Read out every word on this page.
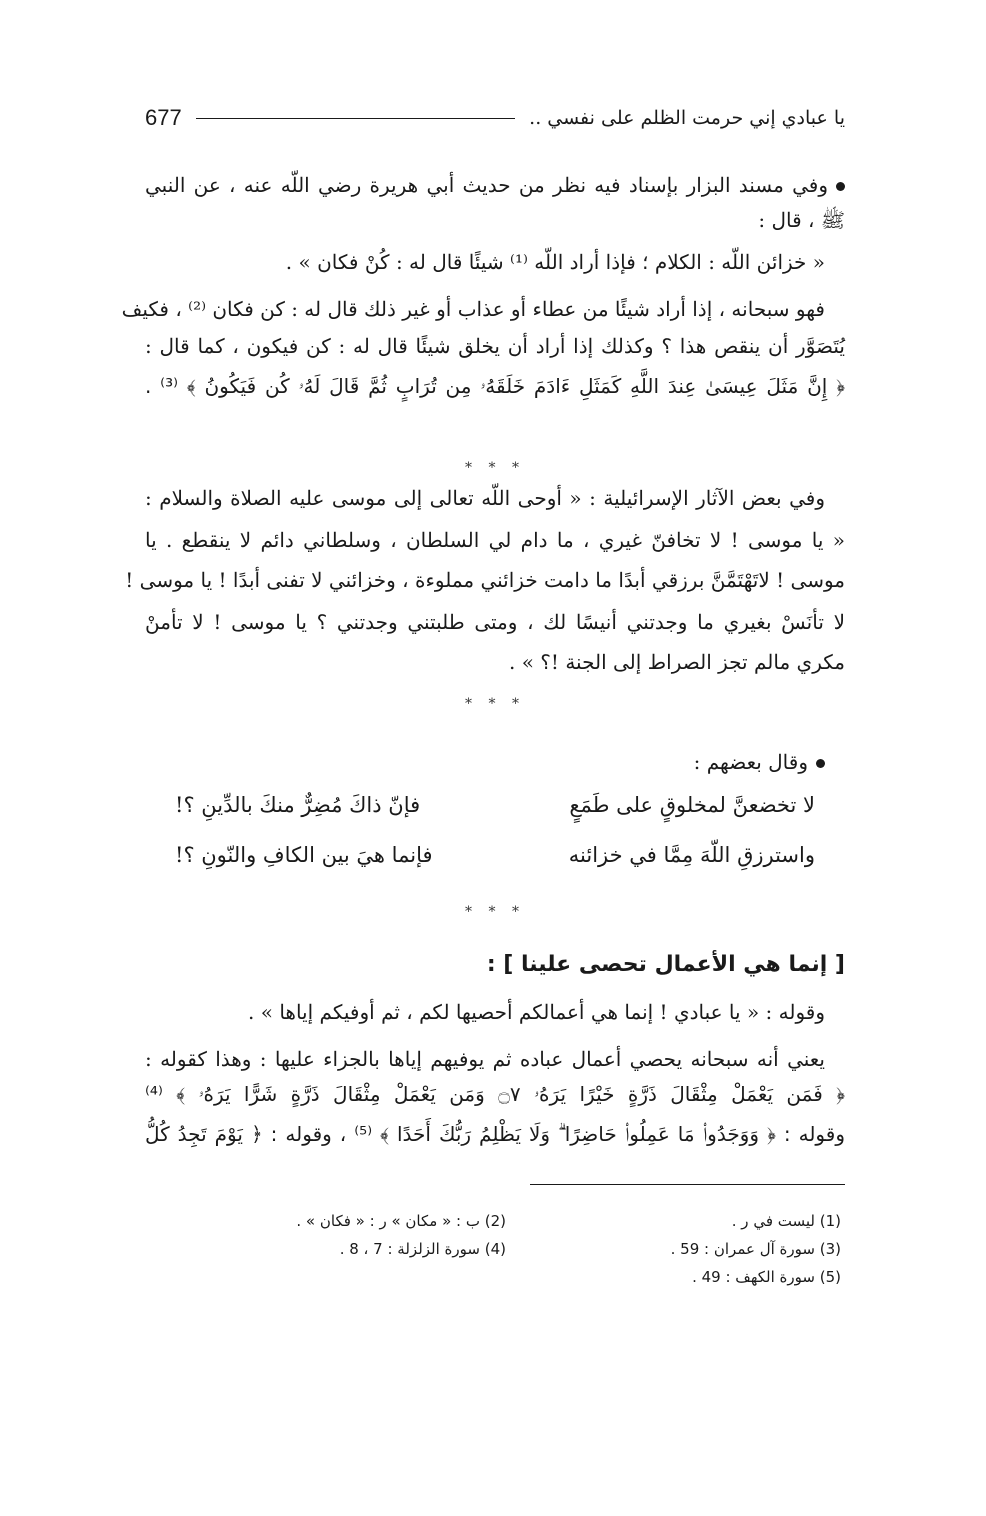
يا عبادي إني حرمت الظلم على نفسي ..
677
وفي مسند البزار بإسناد فيه نظر من حديث أبي هريرة رضي اللّه عنه ، عن النبي
ﷺ ، قال :
« خزائن اللّه : الكلام ؛ فإذا أراد اللّه ⁽¹⁾ شيئًا قال له : كُنْ فكان » .
فهو سبحانه ، إذا أراد شيئًا من عطاء أو عذاب أو غير ذلك قال له : كن فكان ⁽²⁾ ، فكيف
يُتَصَوَّر أن ينقص هذا ؟ وكذلك إذا أراد أن يخلق شيئًا قال له : كن فيكون ، كما قال :
﴿ إِنَّ مَثَلَ عِيسَىٰ عِندَ اللَّهِ كَمَثَلِ ءَادَمَ خَلَقَهُۥ مِن تُرَابٍ ثُمَّ قَالَ لَهُۥ كُن فَيَكُونُ ﴾ ⁽³⁾ .
وفي بعض الآثار الإسرائيلية : « أوحى اللّه تعالى إلى موسى عليه الصلاة والسلام :
« يا موسى ! لا تخافنّ غيري ، ما دام لي السلطان ، وسلطاني دائم لا ينقطع . يا
موسى ! لاتَهْتَمَّنَّ برزقي أبدًا ما دامت خزائني مملوءة ، وخزائني لا تفنى أبدًا ! يا موسى !
لا تأنَسْ بغيري ما وجدتني أنيسًا لك ، ومتى طلبتني وجدتني ؟ يا موسى ! لا تأمنْ
مكري مالم تجز الصراط إلى الجنة !؟ » .
وقال بعضهم :
وقوله : « يا عبادي ! إنما هي أعمالكم أحصيها لكم ، ثم أوفيكم إياها » .
يعني أنه سبحانه يحصي أعمال عباده ثم يوفيهم إياها بالجزاء عليها : وهذا كقوله :
﴿ فَمَن يَعْمَلْ مِثْقَالَ ذَرَّةٍ خَيْرًا يَرَهُۥ ۝٧ وَمَن يَعْمَلْ مِثْقَالَ ذَرَّةٍ شَرًّا يَرَهُۥ ﴾ ⁽⁴⁾
وقوله : ﴿ وَوَجَدُوا۟ مَا عَمِلُوا۟ حَاضِرًا ۗ وَلَا يَظْلِمُ رَبُّكَ أَحَدًا ﴾ ⁽⁵⁾ ، وقوله : ﴿ يَوْمَ تَجِدُ كُلُّ
* * *
* * *
لا تخضعنَّ لمخلوقٍ على طَمَعٍ
فإنّ ذاكَ مُضِرٌّ منكَ بالدِّينِ ؟!
واسترزقِ اللّهَ مِمَّا في خزائنه
فإنما هيَ بين الكافِ والنّونِ ؟!
* * *
[ إنما هي الأعمال تحصى علينا ] :
(1) ليست في ر .
(2) ب : « مكان » ر : « فكان » .
(3) سورة آل عمران : 59 .
(4) سورة الزلزلة : 7 ، 8 .
(5) سورة الكهف : 49 .
